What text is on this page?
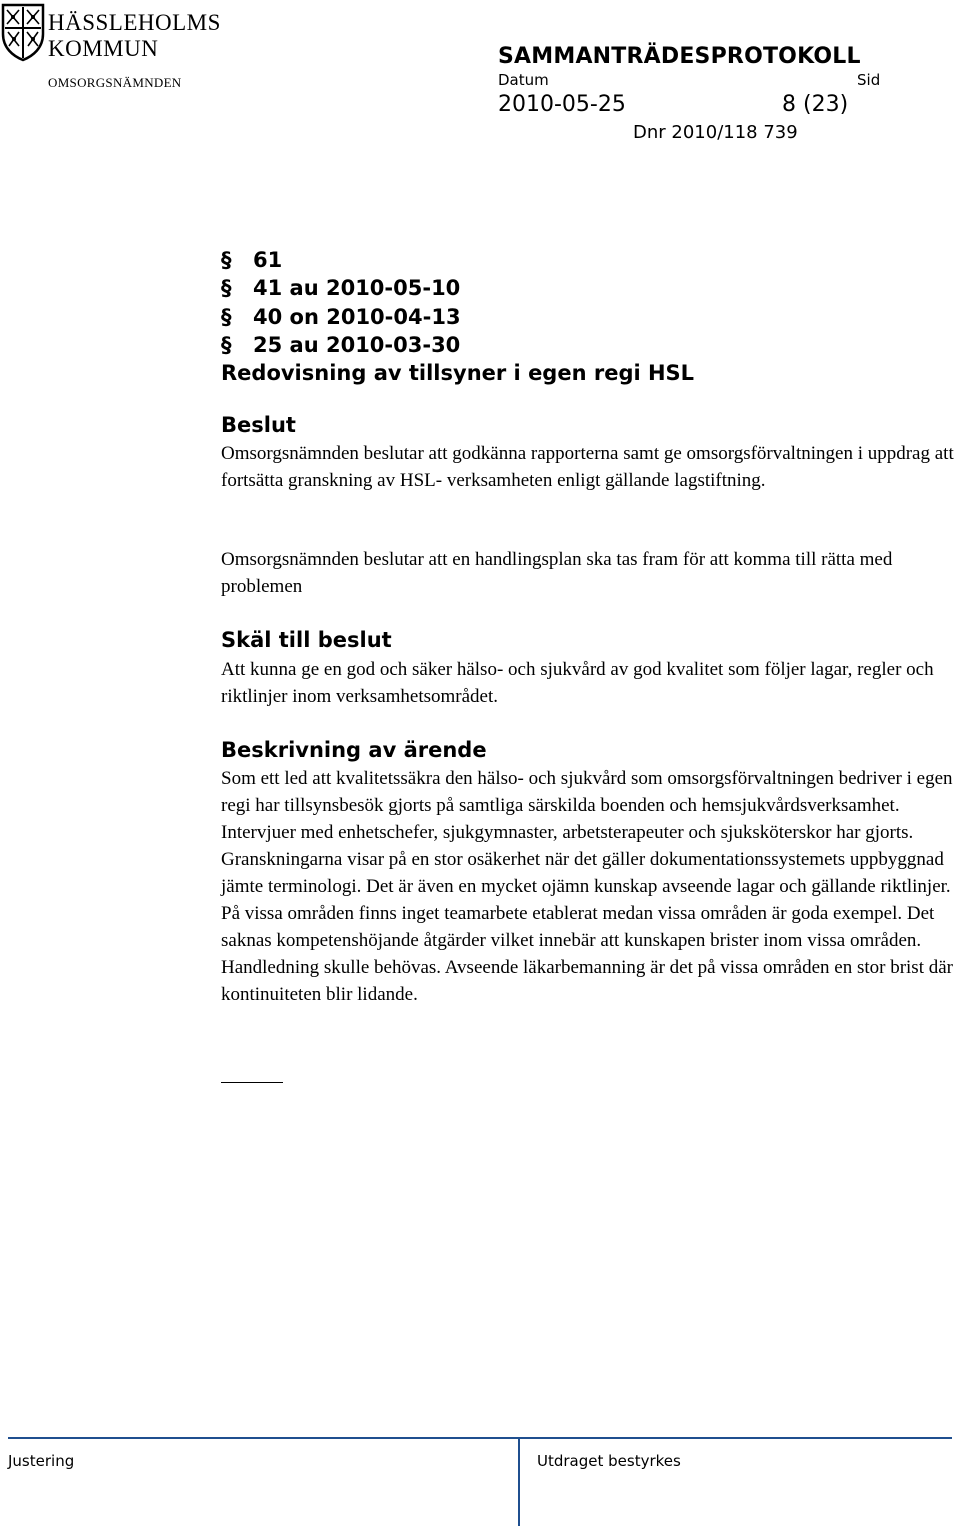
HÄSSLEHOLMS
KOMMUN
OMSORGSNÄMNDEN
SAMMANTRÄDESPROTOKOLL
Datum	Sid
2010-05-25	8 (23)
Dnr 2010/118 739
§ 61
§ 41 au 2010-05-10
§ 40 on 2010-04-13
§ 25 au 2010-03-30
Redovisning av tillsyner i egen regi HSL
Beslut

Omsorgsnämnden beslutar att godkänna rapporterna samt ge omsorgsförvaltningen i uppdrag att fortsätta granskning av HSL- verksamheten enligt gällande lagstiftning.

Omsorgsnämnden beslutar att en handlingsplan ska tas fram för att komma till rätta med problemen

Skäl till beslut

Att kunna ge en god och säker hälso- och sjukvård av god kvalitet som följer lagar, regler och riktlinjer inom verksamhetsområdet.

Beskrivning av ärende

Som ett led att kvalitetssäkra den hälso- och sjukvård som omsorgsförvaltningen bedriver i egen regi har tillsynsbesök gjorts på samtliga särskilda boenden och hemsjukvårdsverksamhet. Intervjuer med enhetschefer, sjukgymnaster, arbetsterapeuter och sjuksköterskor har gjorts. Granskningarna visar på en stor osäkerhet när det gäller dokumentationssystemets uppbyggnad jämte terminologi. Det är även en mycket ojämn kunskap avseende lagar och gällande riktlinjer. På vissa områden finns inget teamarbete etablerat medan vissa områden är goda exempel. Det saknas kompetenshöjande åtgärder vilket innebär att kunskapen brister inom vissa områden. Handledning skulle behövas. Avseende läkarbemanning är det på vissa områden en stor brist där kontinuiteten blir lidande.

Justering	Utdraget bestyrkes
